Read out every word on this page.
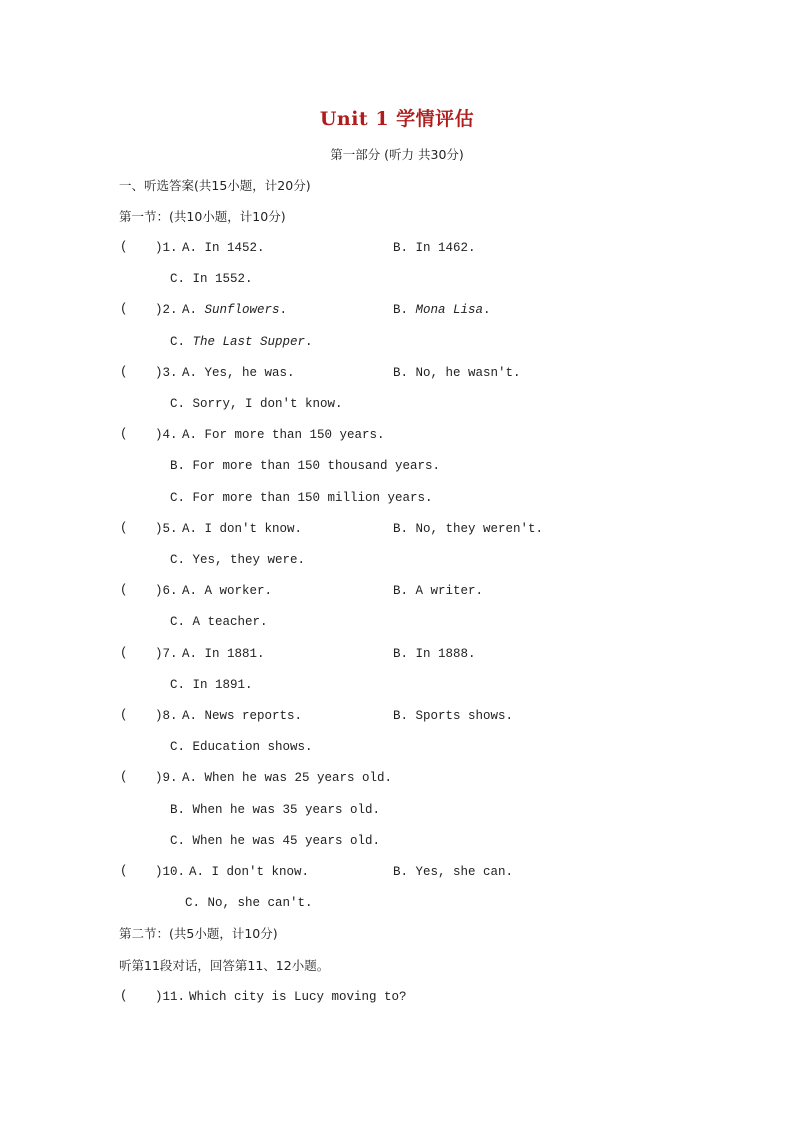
Unit 1 学情评估
第一部分 (听力 共30分)
一、听选答案(共15小题，计20分)
第一节：(共10小题，计10分)
( )1. A. In 1452.	B. In 1462.
C. In 1552.
( )2. A. Sunflowers.	B. Mona Lisa.
C. The Last Supper.
( )3. A. Yes, he was.	B. No, he wasn't.
C. Sorry, I don't know.
( )4. A. For more than 150 years.
B. For more than 150 thousand years.
C. For more than 150 million years.
( )5. A. I don't know.	B. No, they weren't.
C. Yes, they were.
( )6. A. A worker.	B. A writer.
C. A teacher.
( )7. A. In 1881.	B. In 1888.
C. In 1891.
( )8. A. News reports.	B. Sports shows.
C. Education shows.
( )9. A. When he was 25 years old.
B. When he was 35 years old.
C. When he was 45 years old.
( )10. A. I don't know.	B. Yes, she can.
C. No, she can't.
第二节：(共5小题，计10分)
听第11段对话，回答第11、12小题。
( )11. Which city is Lucy moving to?
